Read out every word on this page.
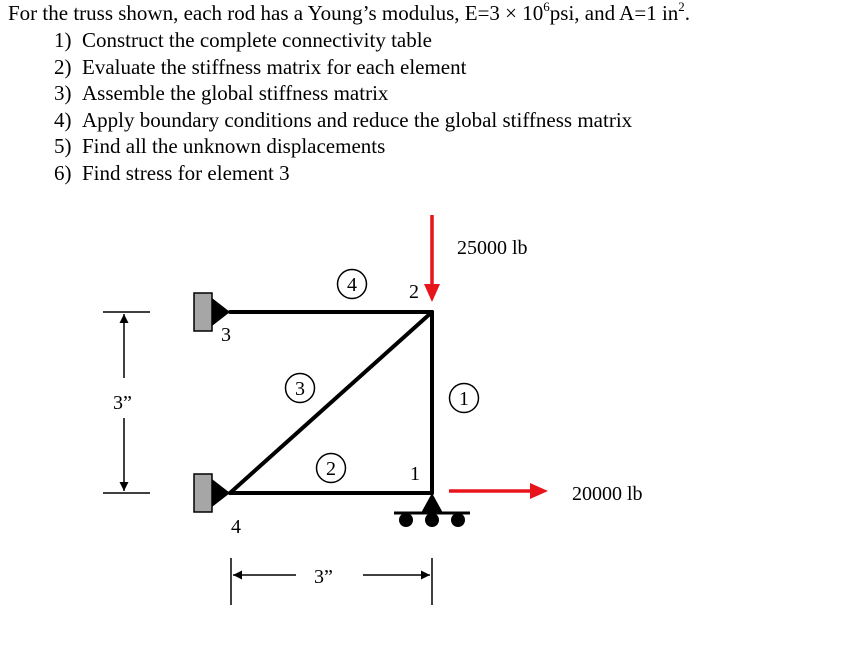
For the truss shown, each rod has a Young’s modulus, $E=3 \times 10^6psi$, and A=1 $in^2$.
1) Construct the complete connectivity table
2) Evaluate the stiffness matrix for each element
3) Assemble the global stiffness matrix
4) Apply boundary conditions and reduce the global stiffness matrix
5) Find all the unknown displacements
6) Find stress for element 3
25000 lb
20000 lb
4
3
2
1
2
3
1
4
3”
3”
